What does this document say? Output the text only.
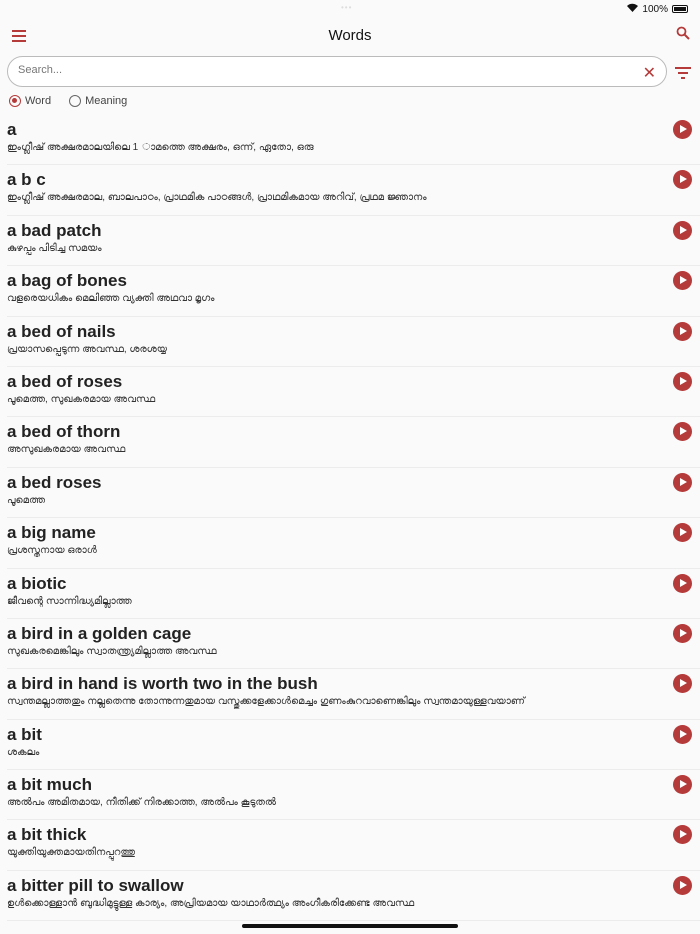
•••	100%
Words
Search...
✕
Word	Meaning
a
ഇംഗ്ലീഷ് അക്ഷരമാലയിലെ 1 ാമത്തെ അക്ഷരം, ഒന്ന്, ഏതോ, ഒരു
a b c
ഇംഗ്ലീഷ് അക്ഷരമാല, ബാലപാഠം, പ്രാഥമിക പാഠങ്ങൾ, പ്രാഥമികമായ അറിവ്, പ്രഥമ ജ്ഞാനം
a bad patch
കുഴപ്പം പിടിച്ച സമയം
a bag of bones
വളരെയധികം മെലിഞ്ഞ വ്യക്തി അഥവാ മൃഗം
a bed of nails
പ്രയാസപ്പെടുന്ന അവസ്ഥ, ശരശയ്യ
a bed of roses
പൂമെത്ത, സുഖകരമായ അവസ്ഥ
a bed of thorn
അസുഖകരമായ അവസ്ഥ
a bed roses
പൂമെത്ത
a big name
പ്രശസ്തനായ ഒരാൾ
a biotic
ജീവന്റെ സാന്നിദ്ധ്യമില്ലാത്ത
a bird in a golden cage
സുഖകരമെങ്കിലും സ്വാതന്ത്ര്യമില്ലാത്ത അവസ്ഥ
a bird in hand is worth two in the bush
സ്വന്തമല്ലാത്തതും നല്ലതെന്നു തോന്നുന്നതുമായ വസ്തുക്കളേക്കാൾമെച്ചം ഗുണംകുറവാണെങ്കിലും സ്വന്തമായുള്ളവയാണ്
a bit
ശകലം
a bit much
അൽപം അമിതമായ, നീതിക്ക് നിരക്കാത്ത, അൽപം കൂടുതൽ
a bit thick
യുക്തിയുക്തമായതിനപ്പുറത്തു
a bitter pill to swallow
ഉൾക്കൊള്ളാൻ ബുദ്ധിമുട്ടുള്ള കാര്യം, അപ്രിയമായ യാഥാർത്ഥ്യം അംഗീകരിക്കേണ്ട അവസ്ഥ
